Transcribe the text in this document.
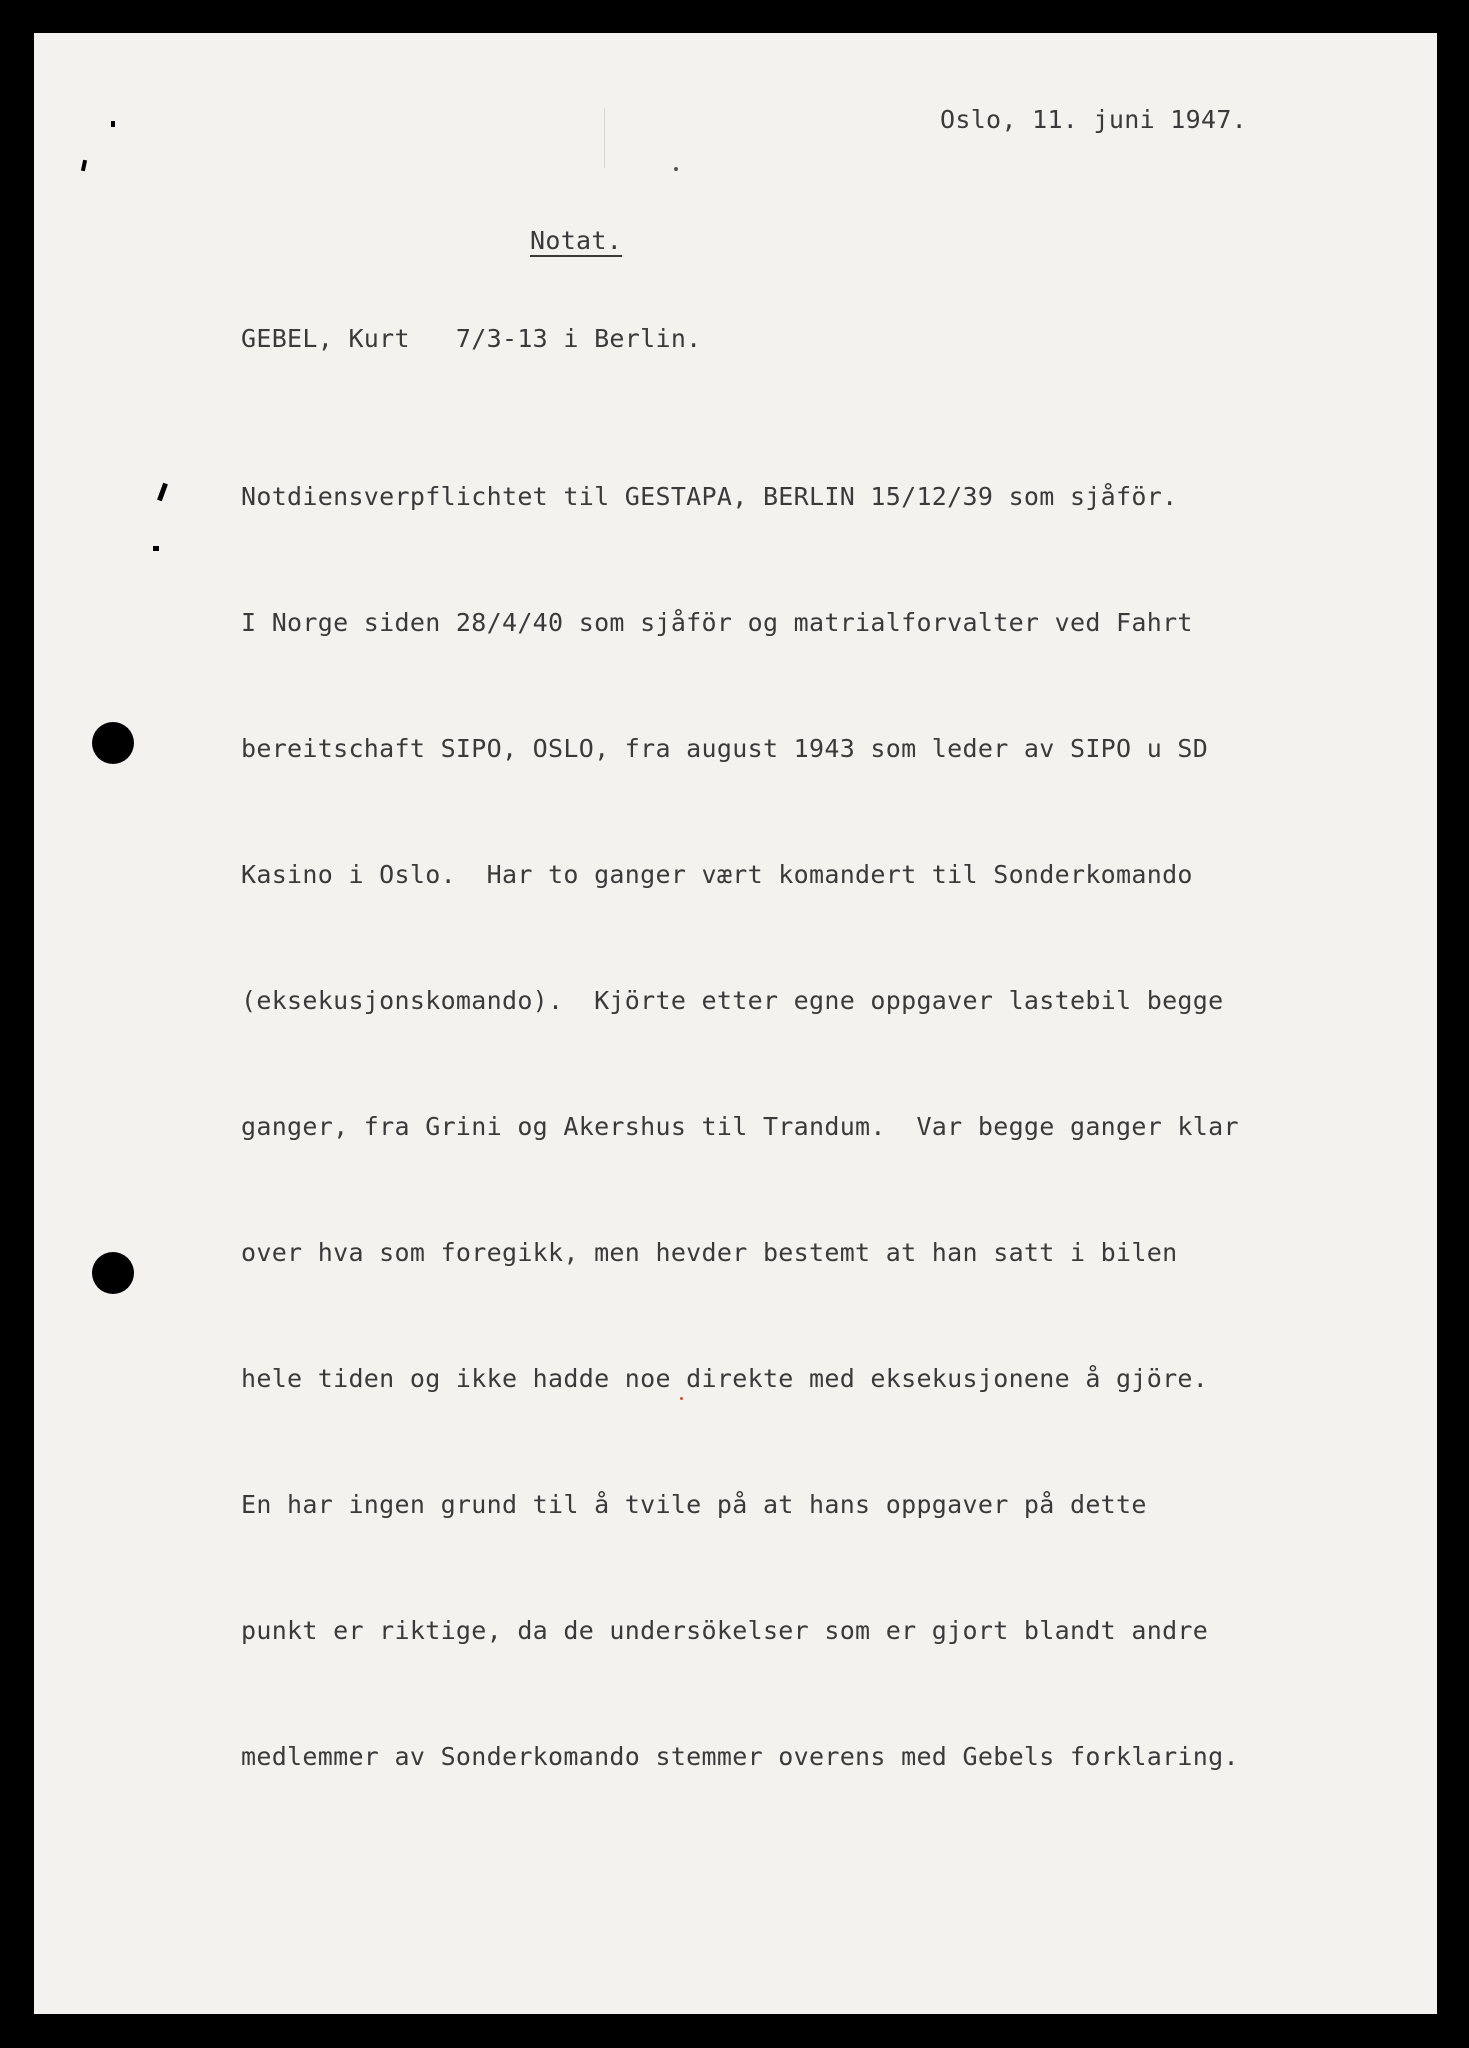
Oslo, 11. juni 1947.

Notat.

GEBEL, Kurt   7/3-13 i Berlin.

Notdiensverpflichtet til GESTAPA, BERLIN 15/12/39 som sjåför.

I Norge siden 28/4/40 som sjåför og matrialforvalter ved Fahrt

bereitschaft SIPO, OSLO, fra august 1943 som leder av SIPO u SD

Kasino i Oslo.  Har to ganger vært komandert til Sonderkomando

(eksekusjonskomando).  Kjörte etter egne oppgaver lastebil begge

ganger, fra Grini og Akershus til Trandum.  Var begge ganger klar

over hva som foregikk, men hevder bestemt at han satt i bilen

hele tiden og ikke hadde noe direkte med eksekusjonene å gjöre.

En har ingen grund til å tvile på at hans oppgaver på dette

punkt er riktige, da de undersökelser som er gjort blandt andre

medlemmer av Sonderkomando stemmer overens med Gebels forklaring.
